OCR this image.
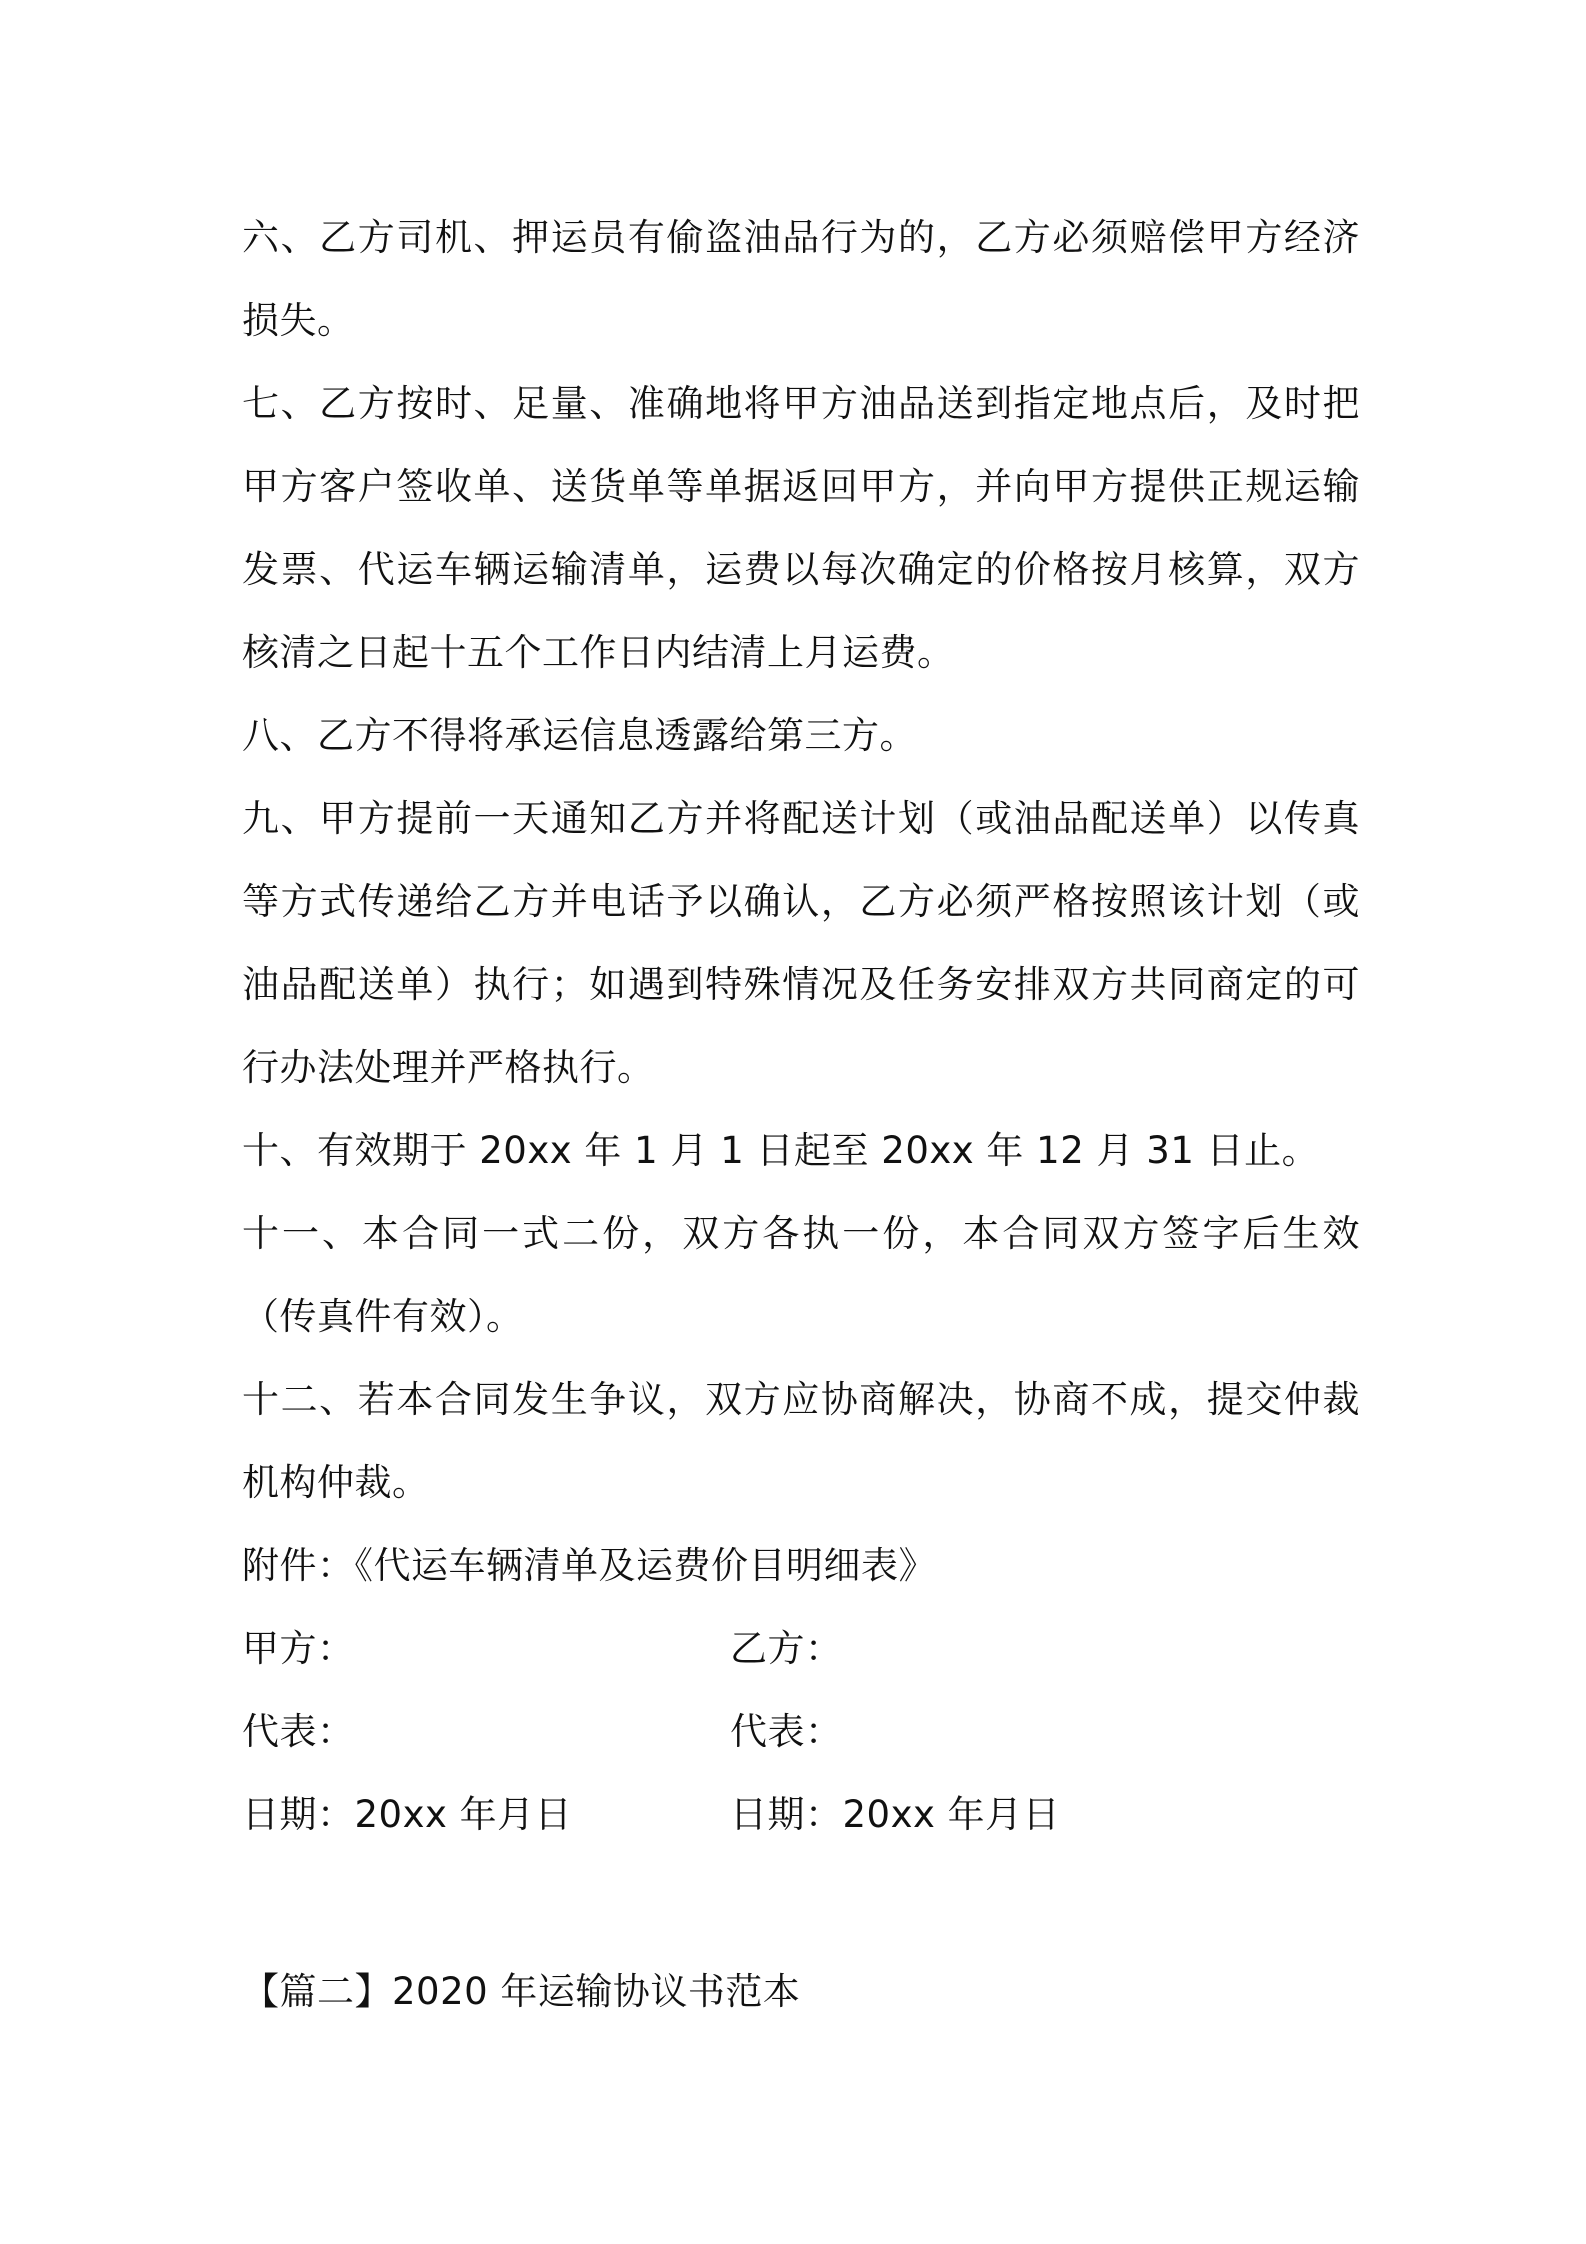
六、乙方司机、押运员有偷盗油品行为的，乙方必须赔偿甲方经济损失。

七、乙方按时、足量、准确地将甲方油品送到指定地点后，及时把甲方客户签收单、送货单等单据返回甲方，并向甲方提供正规运输发票、代运车辆运输清单，运费以每次确定的价格按月核算，双方核清之日起十五个工作日内结清上月运费。

八、乙方不得将承运信息透露给第三方。

九、甲方提前一天通知乙方并将配送计划（或油品配送单）以传真等方式传递给乙方并电话予以确认，乙方必须严格按照该计划（或油品配送单）执行；如遇到特殊情况及任务安排双方共同商定的可行办法处理并严格执行。

十、有效期于 20xx 年 1 月 1 日起至 20xx 年 12 月 31 日止。

十一、本合同一式二份，双方各执一份，本合同双方签字后生效（传真件有效）。

十二、若本合同发生争议，双方应协商解决，协商不成，提交仲裁机构仲裁。

附件：《代运车辆清单及运费价目明细表》

甲方：	乙方：
代表：	代表：
日期：20xx 年月日	日期：20xx 年月日
【篇二】2020 年运输协议书范本
